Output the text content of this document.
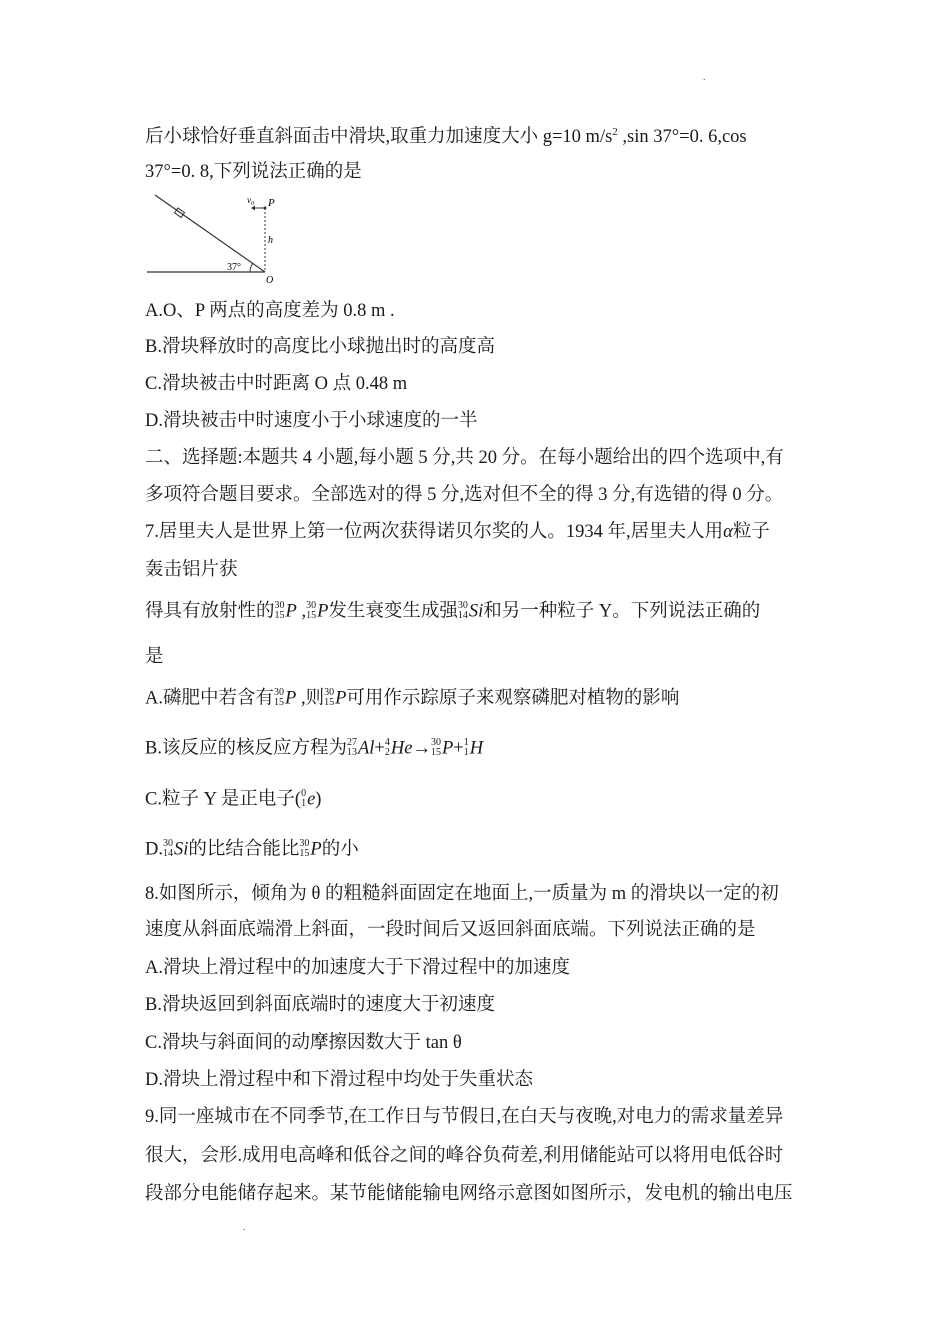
.
后小球恰好垂直斜面击中滑块,取重力加速度大小 g=10 $m/s^2$ ,sin 37°=0. 6,cos
37°=0. 8,下列说法正确的是
$v_0$ P
h
37°
O
A.O、P 两点的高度差为 0.8 m .
B.滑块释放时的高度比小球抛出时的高度高
C.滑块被击中时距离 O 点 0.48 m
D.滑块被击中时速度小于小球速度的一半
二、选择题:本题共 4 小题,每小题 5 分,共 20 分。在每小题给出的四个选项中,有
多项符合题目要求。全部选对的得 5 分,选对但不全的得 3 分,有选错的得 0 分。
7.居里夫人是世界上第一位两次获得诺贝尔奖的人。1934 年,居里夫人用α粒子
轰击铝片获
得具有放射性的 30
15 P , 30
15 P发生衰变生成强 30
14 Si和另一种粒子 Y。下列说法正确的
是
A.磷肥中若含有 30
15 P ,则 30
15 P可用作示踪原子来观察磷肥对植物的影响
B.该反应的核反应方程为 27
13 Al+ 4
2 He→ 30
15 P+ 1
1 H
C.粒子 Y 是正电子( 0
1 e)
D. 30
14 Si的比结合能比 30
15 P的小
8.如图所示，倾角为 θ 的粗糙斜面固定在地面上,一质量为 m 的滑块以一定的初
速度从斜面底端滑上斜面，一段时间后又返回斜面底端。下列说法正确的是
A.滑块上滑过程中的加速度大于下滑过程中的加速度
B.滑块返回到斜面底端时的速度大于初速度
C.滑块与斜面间的动摩擦因数大于 tan θ
D.滑块上滑过程中和下滑过程中均处于失重状态
9.同一座城市在不同季节,在工作日与节假日,在白天与夜晚,对电力的需求量差异
很大，会形.成用电高峰和低谷之间的峰谷负荷差,利用储能站可以将用电低谷时
段部分电能储存起来。某节能储能输电网络示意图如图所示，发电机的输出电压
.
